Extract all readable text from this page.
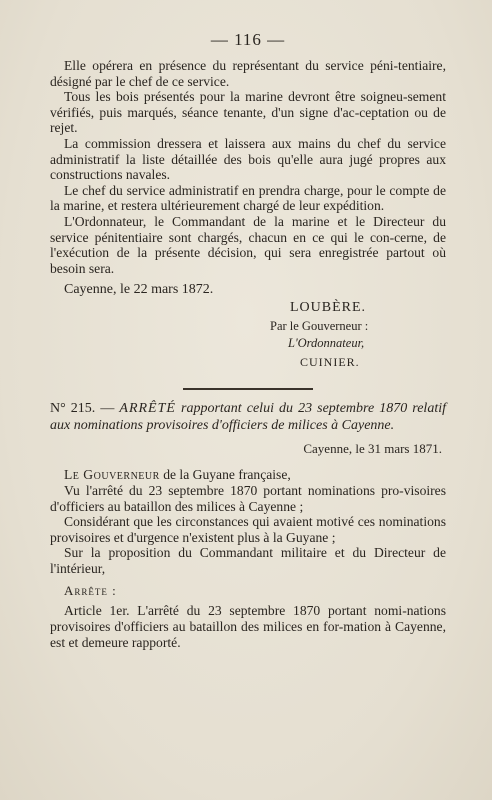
— 116 —

Elle opérera en présence du représentant du service péni-tentiaire, désigné par le chef de ce service.

Tous les bois présentés pour la marine devront être soigneu-sement vérifiés, puis marqués, séance tenante, d'un signe d'ac-ceptation ou de rejet.

La commission dressera et laissera aux mains du chef du service administratif la liste détaillée des bois qu'elle aura jugé propres aux constructions navales.

Le chef du service administratif en prendra charge, pour le compte de la marine, et restera ultérieurement chargé de leur expédition.

L'Ordonnateur, le Commandant de la marine et le Directeur du service pénitentiaire sont chargés, chacun en ce qui le con-cerne, de l'exécution de la présente décision, qui sera enregistrée partout où besoin sera.

Cayenne, le 22 mars 1872.
LOUBÈRE.
Par le Gouverneur :
L'Ordonnateur,
CUINIER.

N° 215. — ARRÊTÉ rapportant celui du 23 septembre 1870 relatif aux nominations provisoires d'officiers de milices à Cayenne.

Cayenne, le 31 mars 1871.

Le Gouverneur de la Guyane française,

Vu l'arrêté du 23 septembre 1870 portant nominations pro-visoires d'officiers au bataillon des milices à Cayenne ;

Considérant que les circonstances qui avaient motivé ces nominations provisoires et d'urgence n'existent plus à la Guyane ;

Sur la proposition du Commandant militaire et du Directeur de l'intérieur,

Arrête :

Article 1er. L'arrêté du 23 septembre 1870 portant nomi-nations provisoires d'officiers au bataillon des milices en for-mation à Cayenne, est et demeure rapporté.
